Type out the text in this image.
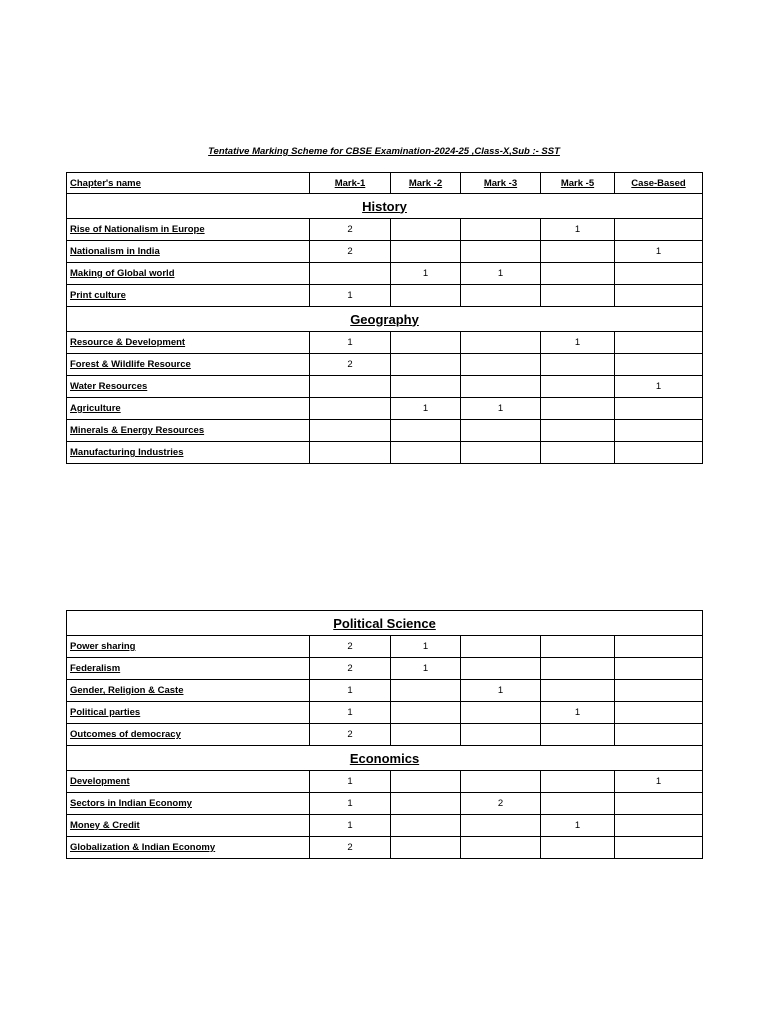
Tentative Marking Scheme for CBSE Examination-2024-25 ,Class-X,Sub :- SST
Chapter's name	Mark-1	Mark -2	Mark -3	Mark -5	Case-Based
History					
Rise of Nationalism in Europe	2			1	
Nationalism in India	2				1
Making of Global world		1	1		
Print culture	1				
Geography					
Resource & Development	1			1	
Forest & Wildlife Resource	2				
Water Resources					1
Agriculture		1	1		
Minerals & Energy Resources					
Manufacturing Industries					
Political Science					
Power sharing	2	1			
Federalism	2	1			
Gender, Religion & Caste	1		1		
Political parties	1			1	
Outcomes of democracy	2				
Economics					
Development	1				1
Sectors in Indian Economy	1		2		
Money & Credit	1			1	
Globalization & Indian Economy	2				
